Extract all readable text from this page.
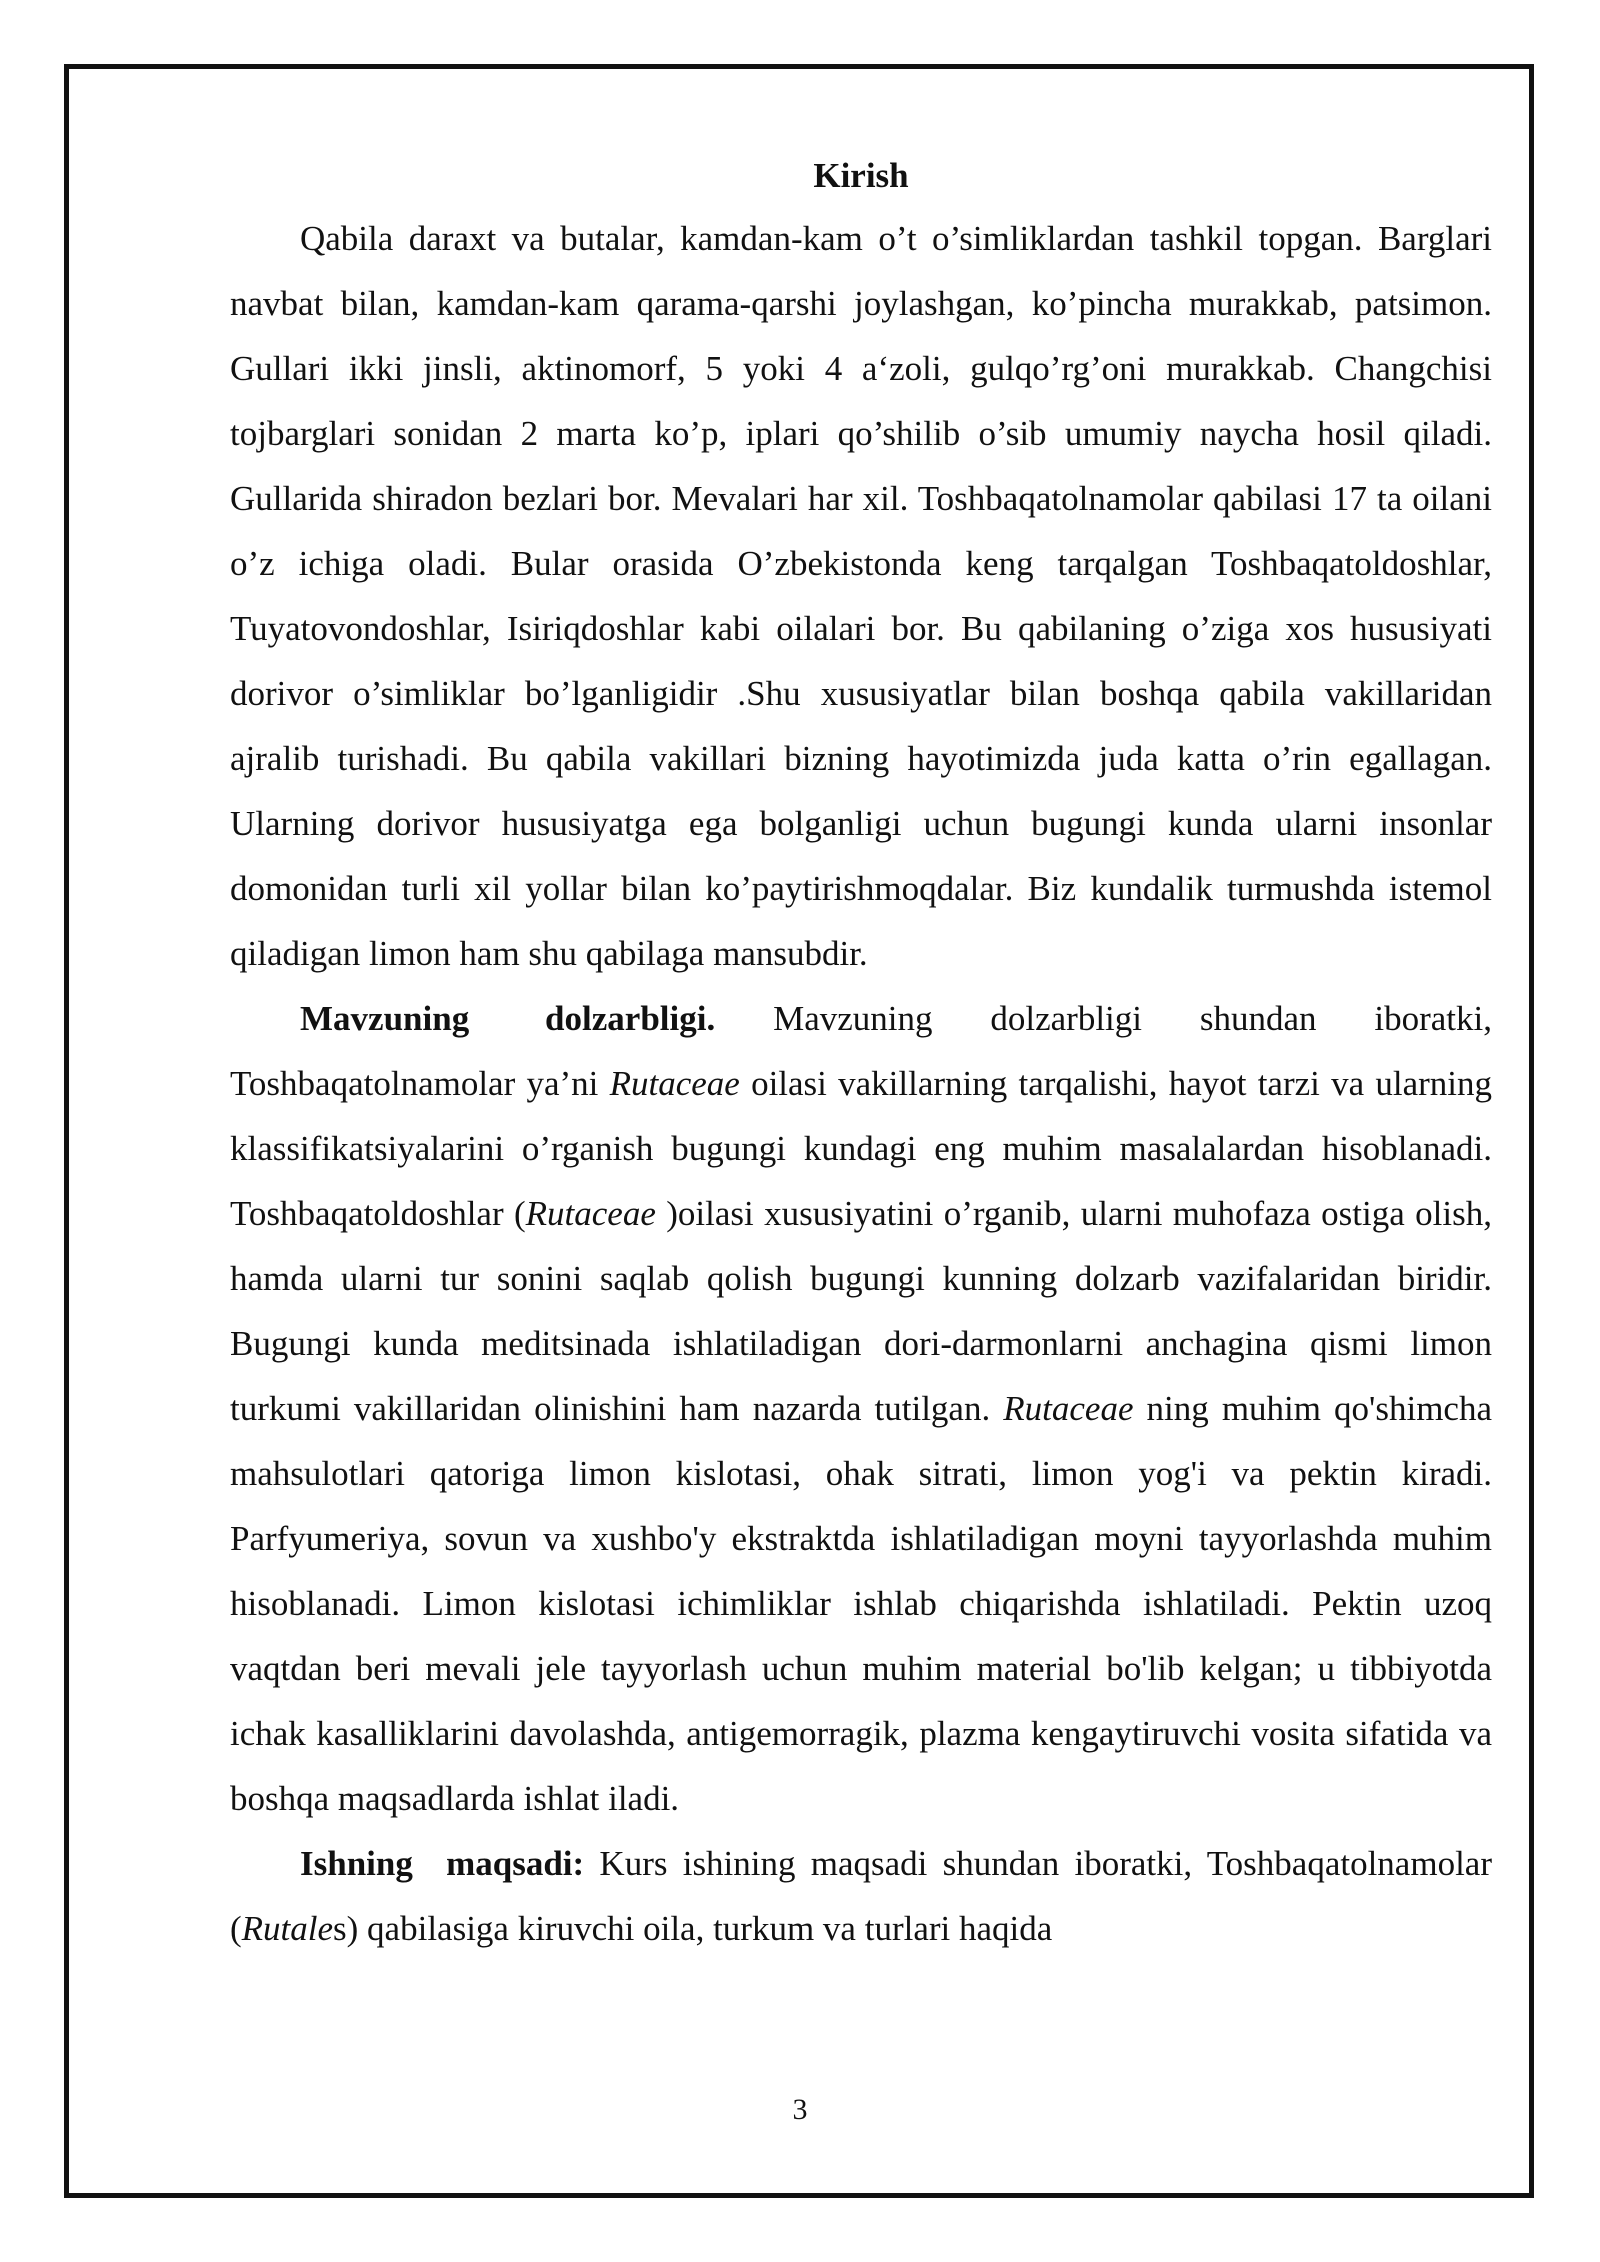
Kirish

Qabila daraxt va butalar, kamdan-kam o’t o’simliklardan tashkil topgan. Barglari navbat bilan, kamdan-kam qarama-qarshi joylashgan, ko’pincha murakkab, patsimon. Gullari ikki jinsli, aktinomorf, 5 yoki 4 a‘zoli, gulqo’rg’oni murakkab. Changchisi tojbarglari sonidan 2 marta ko’p, iplari qo’shilib o’sib umumiy naycha hosil qiladi. Gullarida shiradon bezlari bor. Mevalari har xil. Toshbaqatolnamolar qabilasi 17 ta oilani o’z ichiga oladi. Bular orasida O’zbekistonda keng tarqalgan Toshbaqatoldoshlar, Tuyatovondoshlar, Isiriqdoshlar kabi oilalari bor. Bu qabilaning o’ziga xos hususiyati dorivor o’simliklar bo’lganligidir .Shu xususiyatlar bilan boshqa qabila vakillaridan ajralib turishadi. Bu qabila vakillari bizning hayotimizda juda katta o’rin egallagan. Ularning dorivor hususiyatga ega bolganligi uchun bugungi kunda ularni insonlar domonidan turli xil yollar bilan ko’paytirishmoqdalar. Biz kundalik turmushda istemol qiladigan limon ham shu qabilaga mansubdir.

Mavzuning dolzarbligi. Mavzuning dolzarbligi shundan iboratki, Toshbaqatolnamolar ya’ni Rutaceae oilasi vakillarning tarqalishi, hayot tarzi va ularning klassifikatsiyalarini o’rganish bugungi kundagi eng muhim masalalardan hisoblanadi. Toshbaqatoldoshlar (Rutaceae )oilasi xususiyatini o’rganib, ularni muhofaza ostiga olish, hamda ularni tur sonini saqlab qolish bugungi kunning dolzarb vazifalaridan biridir. Bugungi kunda meditsinada ishlatiladigan dori-darmonlarni anchagina qismi limon turkumi vakillaridan olinishini ham nazarda tutilgan. Rutaceae ning muhim qo'shimcha mahsulotlari qatoriga limon kislotasi, ohak sitrati, limon yog'i va pektin kiradi. Parfyumeriya, sovun va xushbo'y ekstraktda ishlatiladigan moyni tayyorlashda muhim hisoblanadi. Limon kislotasi ichimliklar ishlab chiqarishda ishlatiladi. Pektin uzoq vaqtdan beri mevali jele tayyorlash uchun muhim material bo'lib kelgan; u tibbiyotda ichak kasalliklarini davolashda, antigemorragik, plazma kengaytiruvchi vosita sifatida va boshqa maqsadlarda ishlat iladi.

Ishning maqsadi: Kurs ishining maqsadi shundan iboratki, Toshbaqatolnamolar (Rutales) qabilasiga kiruvchi oila, turkum va turlari haqida

3
